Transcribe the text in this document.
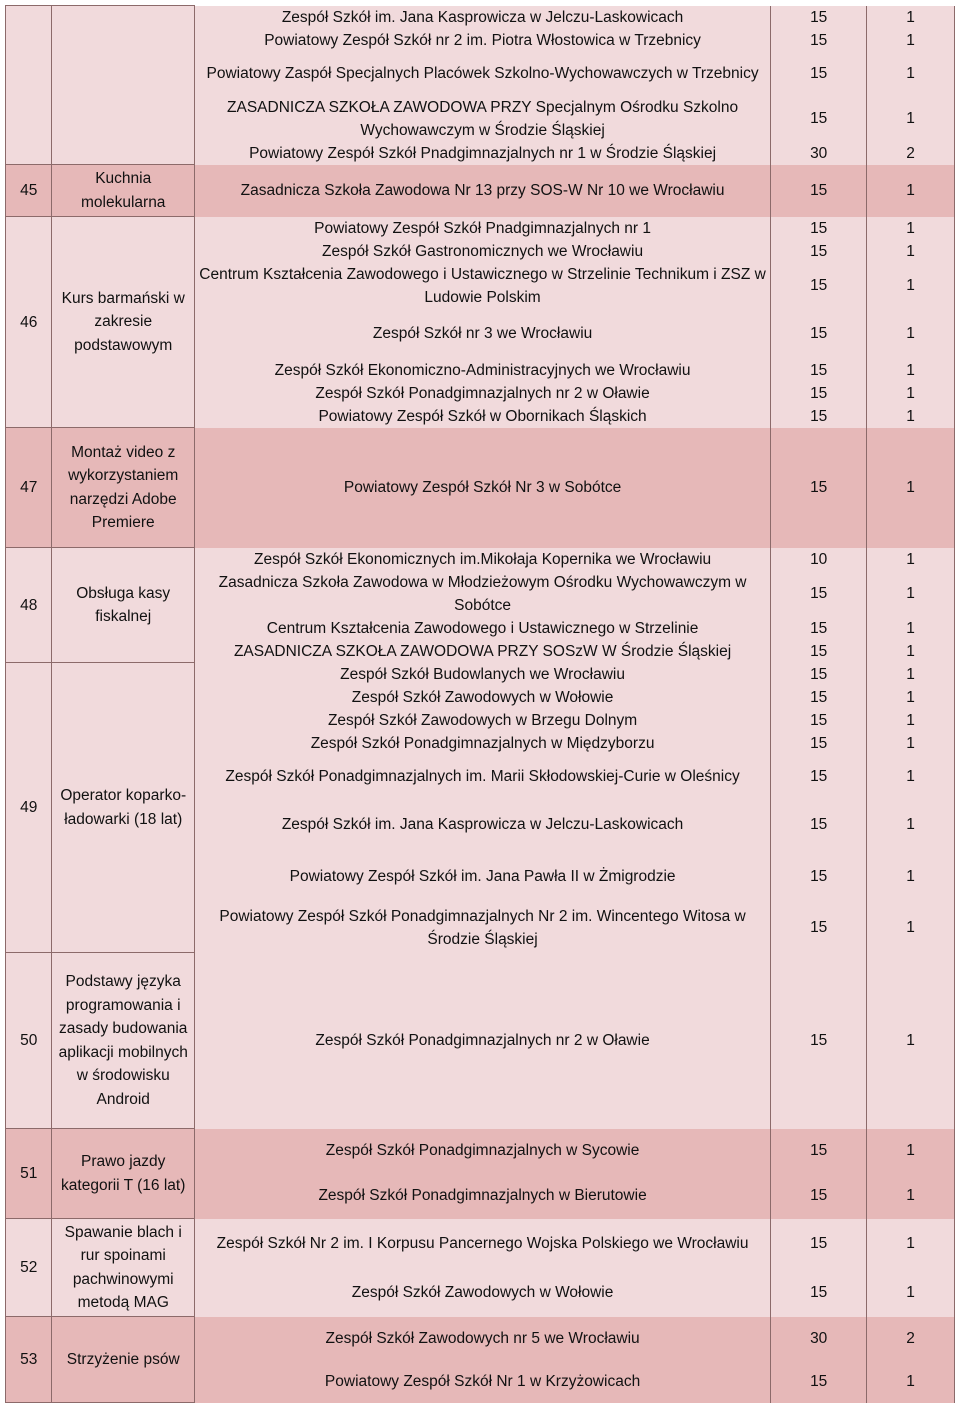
		Zespół Szkół im. Jana Kasprowicza w Jelczu-Laskowicach	15	1
		Powiatowy Zespół Szkół nr 2 im. Piotra Włostowica w Trzebnicy	15	1
		Powiatowy Zaspół Specjalnych Placówek Szkolno-Wychowawczych w Trzebnicy	15	1
		ZASADNICZA SZKOŁA ZAWODOWA PRZY Specjalnym Ośrodku Szkolno Wychowawczym w Środzie Śląskiej	15	1
		Powiatowy Zespół Szkół Pnadgimnazjalnych nr 1 w Środzie Śląskiej	30	2
45	Kuchnia molekularna	Zasadnicza Szkoła Zawodowa Nr 13 przy SOS-W Nr 10 we Wrocławiu	15	1
46	Kurs barmański w zakresie podstawowym	Powiatowy Zespół Szkół Pnadgimnazjalnych nr 1	15	1
		Zespół Szkół Gastronomicznych we Wrocławiu	15	1
		Centrum Kształcenia Zawodowego i Ustawicznego w Strzelinie Technikum i ZSZ w Ludowie Polskim	15	1
		Zespół Szkół nr 3 we Wrocławiu	15	1
		Zespół Szkół Ekonomiczno-Administracyjnych we Wrocławiu	15	1
		Zespół Szkół Ponadgimnazjalnych nr 2 w Oławie	15	1
		Powiatowy Zespół Szkół w Obornikach Śląskich	15	1
47	Montaż video z wykorzystaniem narzędzi Adobe Premiere	Powiatowy Zespół Szkół Nr 3 w Sobótce	15	1
48	Obsługa kasy fiskalnej	Zespół Szkół Ekonomicznych im.Mikołaja Kopernika we Wrocławiu	10	1
		Zasadnicza Szkoła Zawodowa w Młodzieżowym Ośrodku Wychowawczym w Sobótce	15	1
		Centrum Kształcenia Zawodowego i Ustawicznego w Strzelinie	15	1
		ZASADNICZA SZKOŁA ZAWODOWA PRZY SOSzW W Środzie Śląskiej	15	1
49	Operator koparko-ładowarki (18 lat)	Zespół Szkół Budowlanych we Wrocławiu	15	1
		Zespół Szkół Zawodowych w Wołowie	15	1
		Zespół Szkół Zawodowych w Brzegu Dolnym	15	1
		Zespół Szkół Ponadgimnazjalnych w Międzyborzu	15	1
		Zespół Szkół Ponadgimnazjalnych im. Marii Skłodowskiej-Curie w Oleśnicy	15	1
		Zespół Szkół im. Jana Kasprowicza w Jelczu-Laskowicach	15	1
		Powiatowy Zespół Szkół im. Jana Pawła II w Żmigrodzie	15	1
		Powiatowy Zespół Szkół Ponadgimnazjalnych Nr 2 im. Wincentego Witosa w Środzie Śląskiej	15	1
50	Podstawy języka programowania i zasady budowania aplikacji mobilnych w środowisku Android	Zespół Szkół Ponadgimnazjalnych nr 2 w Oławie	15	1
51	Prawo jazdy kategorii T (16 lat)	Zespół Szkół Ponadgimnazjalnych w Sycowie	15	1
		Zespół Szkół Ponadgimnazjalnych w Bierutowie	15	1
52	Spawanie blach i rur spoinami pachwinowymi metodą MAG	Zespół Szkół Nr 2 im. I Korpusu Pancernego Wojska Polskiego we Wrocławiu	15	1
		Zespół Szkół Zawodowych w Wołowie	15	1
53	Strzyżenie psów	Zespół Szkół Zawodowych nr 5 we Wrocławiu	30	2
		Powiatowy Zespół Szkół Nr 1 w Krzyżowicach	15	1
